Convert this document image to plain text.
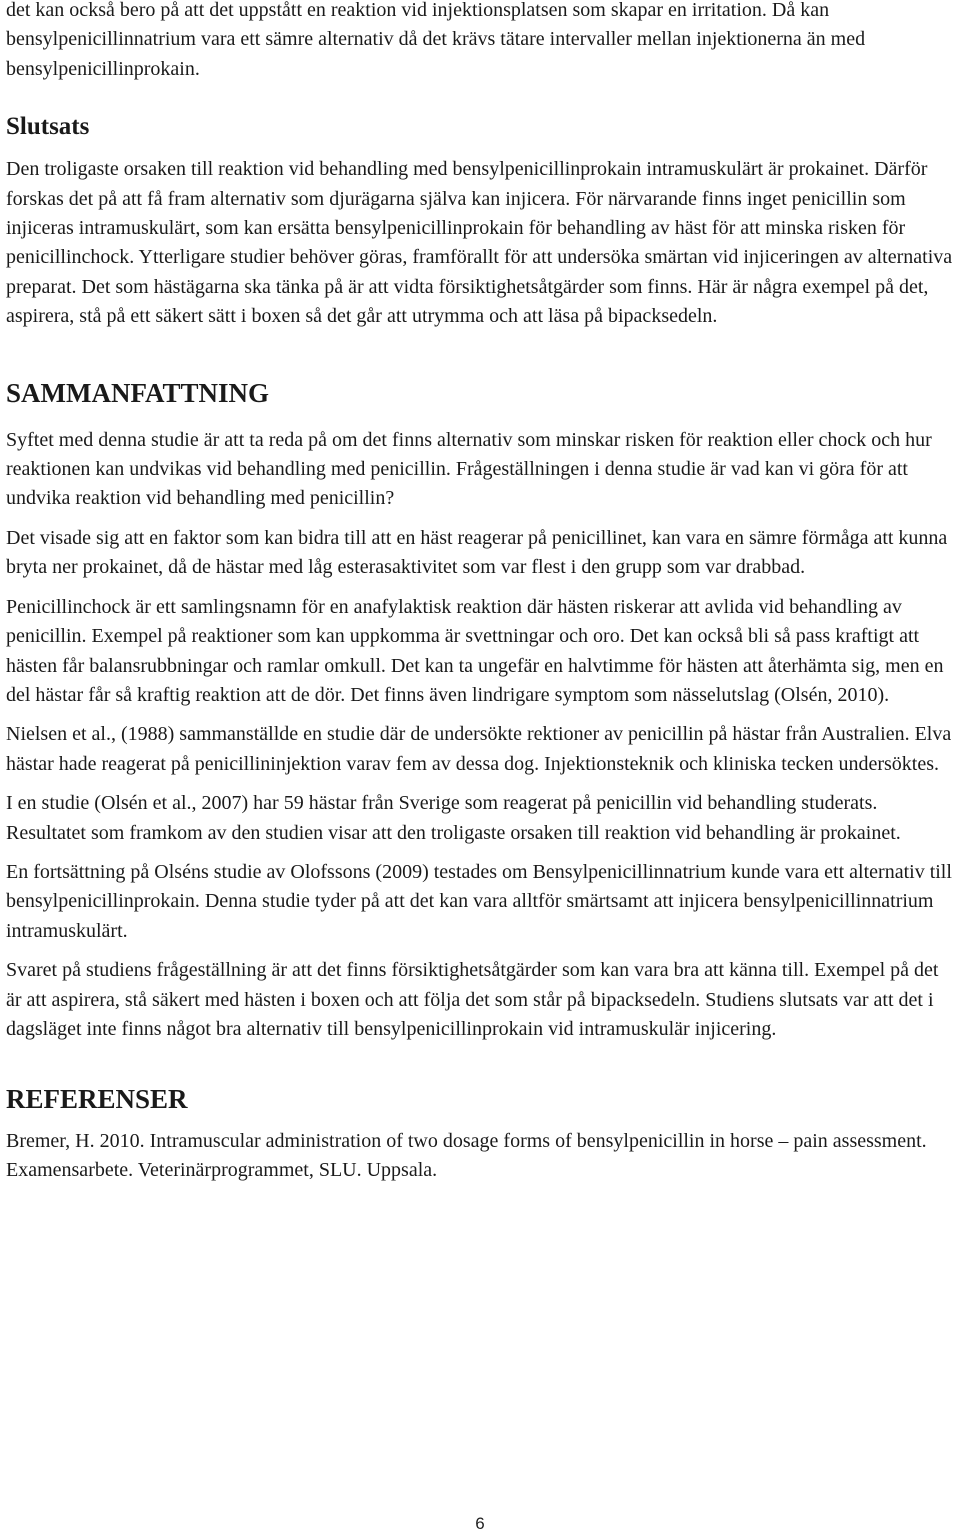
det kan också bero på att det uppstått en reaktion vid injektionsplatsen som skapar en irritation. Då kan bensylpenicillinnatrium vara ett sämre alternativ då det krävs tätare intervaller mellan injektionerna än med bensylpenicillinprokain.

Slutsats

Den troligaste orsaken till reaktion vid behandling med bensylpenicillinprokain intramuskulärt är prokainet. Därför forskas det på att få fram alternativ som djurägarna själva kan injicera. För närvarande finns inget penicillin som injiceras intramuskulärt, som kan ersätta bensylpenicillinprokain för behandling av häst för att minska risken för penicillinchock. Ytterligare studier behöver göras, framförallt för att undersöka smärtan vid injiceringen av alternativa preparat. Det som hästägarna ska tänka på är att vidta försiktighetsåtgärder som finns. Här är några exempel på det, aspirera, stå på ett säkert sätt i boxen så det går att utrymma och att läsa på bipacksedeln.

SAMMANFATTNING

Syftet med denna studie är att ta reda på om det finns alternativ som minskar risken för reaktion eller chock och hur reaktionen kan undvikas vid behandling med penicillin. Frågeställningen i denna studie är vad kan vi göra för att undvika reaktion vid behandling med penicillin?

Det visade sig att en faktor som kan bidra till att en häst reagerar på penicillinet, kan vara en sämre förmåga att kunna bryta ner prokainet, då de hästar med låg esterasaktivitet som var flest i den grupp som var drabbad.

Penicillinchock är ett samlingsnamn för en anafylaktisk reaktion där hästen riskerar att avlida vid behandling av penicillin. Exempel på reaktioner som kan uppkomma är svettningar och oro. Det kan också bli så pass kraftigt att hästen får balansrubbningar och ramlar omkull. Det kan ta ungefär en halvtimme för hästen att återhämta sig, men en del hästar får så kraftig reaktion att de dör. Det finns även lindrigare symptom som nässelutslag (Olsén, 2010).

Nielsen et al., (1988) sammanställde en studie där de undersökte rektioner av penicillin på hästar från Australien. Elva hästar hade reagerat på penicillininjektion varav fem av dessa dog. Injektionsteknik och kliniska tecken undersöktes.

I en studie (Olsén et al., 2007) har 59 hästar från Sverige som reagerat på penicillin vid behandling studerats. Resultatet som framkom av den studien visar att den troligaste orsaken till reaktion vid behandling är prokainet.

En fortsättning på Olséns studie av Olofssons (2009) testades om Bensylpenicillinnatrium kunde vara ett alternativ till bensylpenicillinprokain. Denna studie tyder på att det kan vara alltför smärtsamt att injicera bensylpenicillinnatrium intramuskulärt.

Svaret på studiens frågeställning är att det finns försiktighetsåtgärder som kan vara bra att känna till. Exempel på det är att aspirera, stå säkert med hästen i boxen och att följa det som står på bipacksedeln. Studiens slutsats var att det i dagsläget inte finns något bra alternativ till bensylpenicillinprokain vid intramuskulär injicering.

REFERENSER

Bremer, H. 2010. Intramuscular administration of two dosage forms of bensylpenicillin in horse – pain assessment. Examensarbete. Veterinärprogrammet, SLU. Uppsala.

6
